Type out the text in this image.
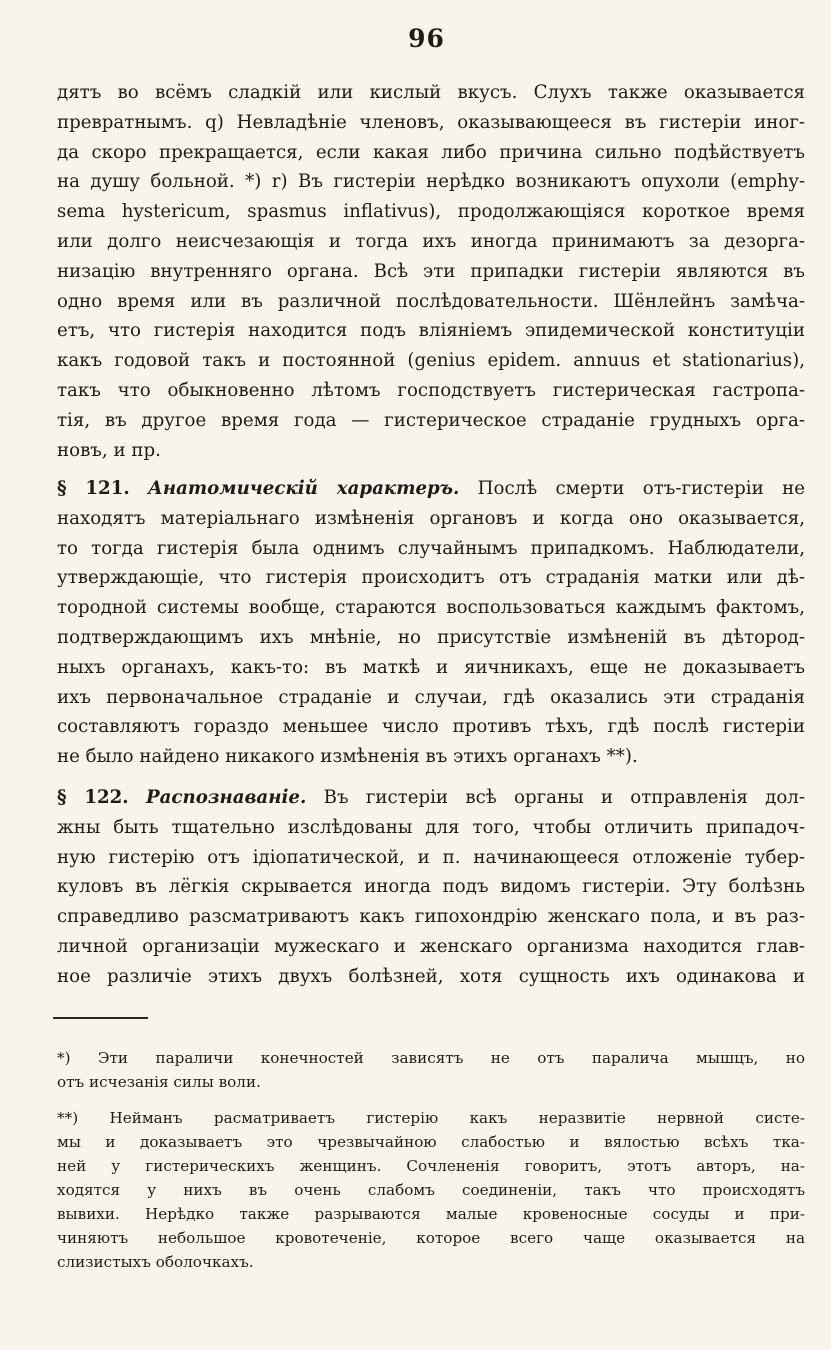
96
дятъ во всёмъ сладкій или кислый вкусъ. Слухъ также оказывается
превратнымъ. q) Невладѣніе членовъ, оказывающееся въ гистеріи иног-
да скоро прекращается, если какая либо причина сильно подѣйствуетъ
на душу больной. *) r) Въ гистеріи нерѣдко возникаютъ опухоли (emphy-
sema hystericum, spasmus inflativus), продолжающіяся короткое время
или долго неисчезающія и тогда ихъ иногда принимаютъ за дезорга-
низацію внутренняго органа. Всѣ эти припадки гистеріи являются въ
одно время или въ различной послѣдовательности. Шёнлейнъ замѣча-
етъ, что гистерія находится подъ вліяніемъ эпидемической конституціи
какъ годовой такъ и постоянной (genius epidem. annuus et stationarius),
такъ что обыкновенно лѣтомъ господствуетъ гистерическая гастропа-
тія, въ другое время года — гистерическое страданіе грудныхъ орга-
новъ, и пр.
§ 121. Анатомическій характеръ. Послѣ смерти отъ-гистеріи не
находятъ матеріальнаго измѣненія органовъ и когда оно оказывается,
то тогда гистерія была однимъ случайнымъ припадкомъ. Наблюдатели,
утверждающіе, что гистерія происходитъ отъ страданія матки или дѣ-
тородной системы вообще, стараются воспользоваться каждымъ фактомъ,
подтверждающимъ ихъ мнѣніе, но присутствіе измѣненій въ дѣтород-
ныхъ органахъ, какъ-то: въ маткѣ и яичникахъ, еще не доказываетъ
ихъ первоначальное страданіе и случаи, гдѣ оказались эти страданія
составляютъ гораздо меньшее число противъ тѣхъ, гдѣ послѣ гистеріи
не было найдено никакого измѣненія въ этихъ органахъ **).
§ 122. Распознаваніе. Въ гистеріи всѣ органы и отправленія дол-
жны быть тщательно изслѣдованы для того, чтобы отличить припадоч-
ную гистерію отъ ідіопатической, и п. начинающееся отложеніе тубер-
куловъ въ лёгкія скрывается иногда подъ видомъ гистеріи. Эту болѣзнь
справедливо разсматриваютъ какъ гипохондрію женскаго пола, и въ раз-
личной организаціи мужескаго и женскаго организма находится глав-
ное различіе этихъ двухъ болѣзней, хотя сущность ихъ одинакова и
*) Эти параличи конечностей зависятъ не отъ паралича мышцъ, но
отъ исчезанія силы воли.
**) Нейманъ расматриваетъ гистерію какъ неразвитіе нервной систе-
мы и доказываетъ это чрезвычайною слабостью и вялостью всѣхъ тка-
ней у гистерическихъ женщинъ. Сочлененія говоритъ, этотъ авторъ, на-
ходятся у нихъ въ очень слабомъ соединеніи, такъ что происходятъ
вывихи. Нерѣдко также разрываются малые кровеносные сосуды и при-
чиняютъ небольшое кровотеченіе, которое всего чаще оказывается на
слизистыхъ оболочкахъ.
